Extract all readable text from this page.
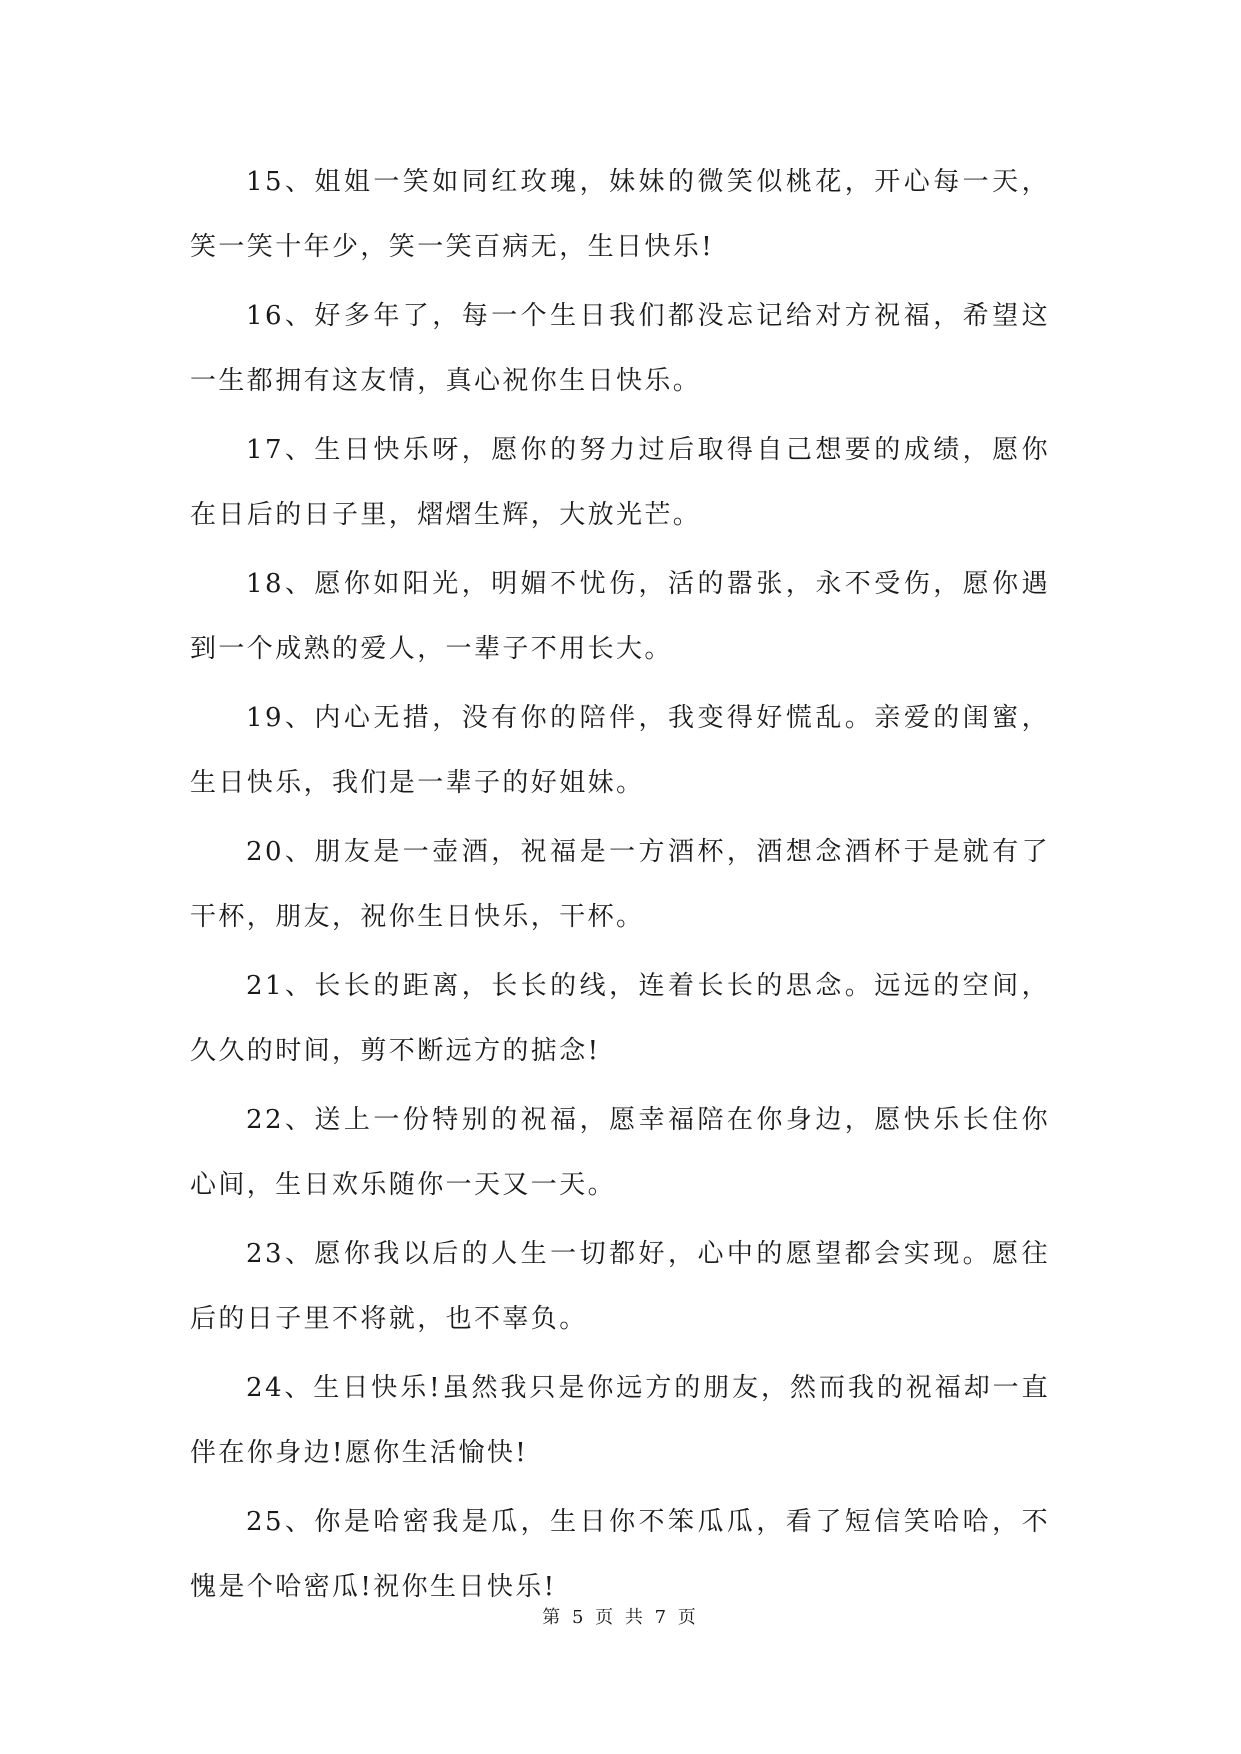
15、姐姐一笑如同红玫瑰，妹妹的微笑似桃花，开心每一天，笑一笑十年少，笑一笑百病无，生日快乐!

16、好多年了，每一个生日我们都没忘记给对方祝福，希望这一生都拥有这友情，真心祝你生日快乐。

17、生日快乐呀，愿你的努力过后取得自己想要的成绩，愿你在日后的日子里，熠熠生辉，大放光芒。

18、愿你如阳光，明媚不忧伤，活的嚣张，永不受伤，愿你遇到一个成熟的爱人，一辈子不用长大。

19、内心无措，没有你的陪伴，我变得好慌乱。亲爱的闺蜜，生日快乐，我们是一辈子的好姐妹。

20、朋友是一壶酒，祝福是一方酒杯，酒想念酒杯于是就有了干杯，朋友，祝你生日快乐，干杯。

21、长长的距离，长长的线，连着长长的思念。远远的空间，久久的时间，剪不断远方的掂念!

22、送上一份特别的祝福，愿幸福陪在你身边，愿快乐长住你心间，生日欢乐随你一天又一天。

23、愿你我以后的人生一切都好，心中的愿望都会实现。愿往后的日子里不将就，也不辜负。

24、生日快乐!虽然我只是你远方的朋友，然而我的祝福却一直伴在你身边!愿你生活愉快!

25、你是哈密我是瓜，生日你不笨瓜瓜，看了短信笑哈哈，不愧是个哈密瓜!祝你生日快乐!

第 5 页 共 7 页
